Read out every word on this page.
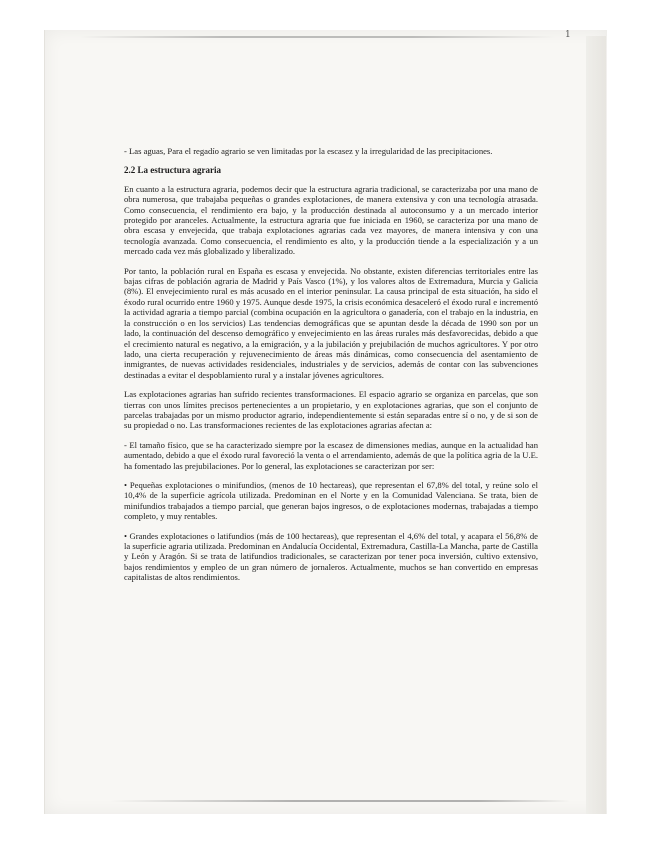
1

- Las aguas, Para el regadío agrario se ven limitadas por la escasez y la irregularidad de las precipitaciones.

2.2 La estructura agraria

En cuanto a la estructura agraria, podemos decir que la estructura agraria tradicional, se caracterizaba por una mano de obra numerosa, que trabajaba pequeñas o grandes explotaciones, de manera extensiva y con una tecnología atrasada. Como consecuencia, el rendimiento era bajo, y la producción destinada al autoconsumo y a un mercado interior protegido por aranceles. Actualmente, la estructura agraria que fue iniciada en 1960, se caracteriza por una mano de obra escasa y envejecida, que trabaja explotaciones agrarias cada vez mayores, de manera intensiva y con una tecnología avanzada. Como consecuencia, el rendimiento es alto, y la producción tiende a la especialización y a un mercado cada vez más globalizado y liberalizado.

Por tanto, la población rural en España es escasa y envejecida. No obstante, existen diferencias territoriales entre las bajas cifras de población agraria de Madrid y País Vasco (1%), y los valores altos de Extremadura, Murcia y Galicia (8%). El envejecimiento rural es más acusado en el interior peninsular. La causa principal de esta situación, ha sido el éxodo rural ocurrido entre 1960 y 1975. Aunque desde 1975, la crisis económica desaceleró el éxodo rural e incrementó la actividad agraria a tiempo parcial (combina ocupación en la agricultora o ganadería, con el trabajo en la industria, en la construcción o en los servicios) Las tendencias demográficas que se apuntan desde la década de 1990 son por un lado, la continuación del descenso demográfico y envejecimiento en las áreas rurales más desfavorecidas, debido a que el crecimiento natural es negativo, a la emigración, y a la jubilación y prejubilación de muchos agricultores. Y por otro lado, una cierta recuperación y rejuvenecimiento de áreas más dinámicas, como consecuencia del asentamiento de inmigrantes, de nuevas actividades residenciales, industriales y de servicios, además de contar con las subvenciones destinadas a evitar el despoblamiento rural y a instalar jóvenes agricultores.

Las explotaciones agrarias han sufrido recientes transformaciones. El espacio agrario se organiza en parcelas, que son tierras con unos límites precisos pertenecientes a un propietario, y en explotaciones agrarias, que son el conjunto de parcelas trabajadas por un mismo productor agrario, independientemente si están separadas entre sí o no, y de si son de su propiedad o no. Las transformaciones recientes de las explotaciones agrarias afectan a:

- El tamaño físico, que se ha caracterizado siempre por la escasez de dimensiones medias, aunque en la actualidad han aumentado, debido a que el éxodo rural favoreció la venta o el arrendamiento, además de que la política agria de la U.E. ha fomentado las prejubilaciones. Por lo general, las explotaciones se caracterizan por ser:

• Pequeñas explotaciones o minifundios, (menos de 10 hectareas), que representan el 67,8% del total, y reúne solo el 10,4% de la superficie agrícola utilizada. Predominan en el Norte y en la Comunidad Valenciana. Se trata, bien de minifundios trabajados a tiempo parcial, que generan bajos ingresos, o de explotaciones modernas, trabajadas a tiempo completo, y muy rentables.

• Grandes explotaciones o latifundios (más de 100 hectareas), que representan el 4,6% del total, y acapara el 56,8% de la superficie agraria utilizada. Predominan en Andalucía Occidental, Extremadura, Castilla-La Mancha, parte de Castilla y León y Aragón. Si se trata de latifundios tradicionales, se caracterizan por tener poca inversión, cultivo extensivo, bajos rendimientos y empleo de un gran número de jornaleros. Actualmente, muchos se han convertido en empresas capitalistas de altos rendimientos.
